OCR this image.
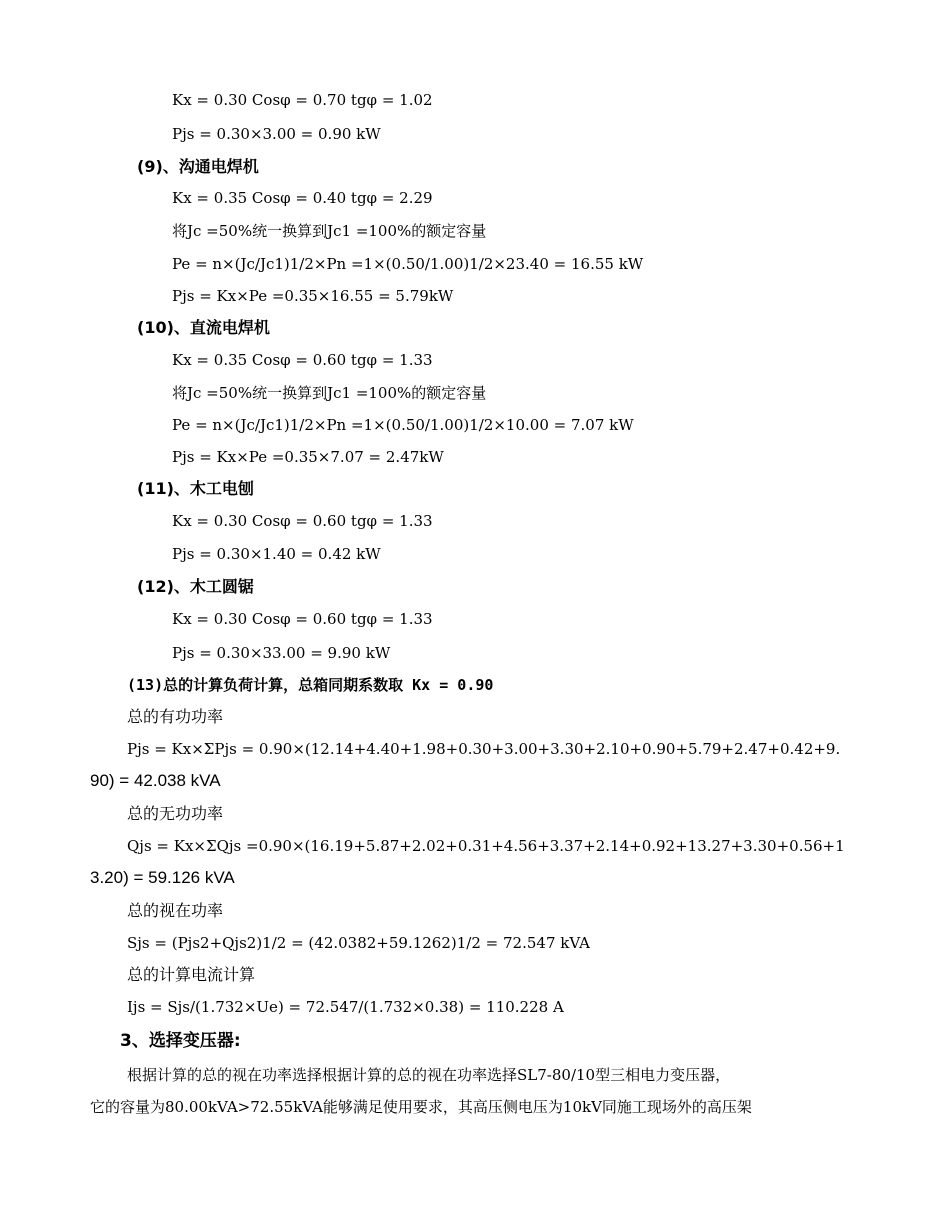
Kx = 0.30 Cosφ = 0.70 tgφ = 1.02
Pjs = 0.30×3.00 = 0.90 kW
(9)、沟通电焊机
Kx = 0.35 Cosφ = 0.40 tgφ = 2.29
将Jc =50%统一换算到Jc1 =100%的额定容量
Pe = n×(Jc/Jc1)1/2×Pn =1×(0.50/1.00)1/2×23.40 = 16.55 kW
Pjs = Kx×Pe =0.35×16.55 = 5.79kW
(10)、直流电焊机
Kx = 0.35 Cosφ = 0.60 tgφ = 1.33
将Jc =50%统一换算到Jc1 =100%的额定容量
Pe = n×(Jc/Jc1)1/2×Pn =1×(0.50/1.00)1/2×10.00 = 7.07 kW
Pjs = Kx×Pe =0.35×7.07 = 2.47kW
(11)、木工电刨
Kx = 0.30 Cosφ = 0.60 tgφ = 1.33
Pjs = 0.30×1.40 = 0.42 kW
(12)、木工圆锯
Kx = 0.30 Cosφ = 0.60 tgφ = 1.33
Pjs = 0.30×33.00 = 9.90 kW
(13)总的计算负荷计算，总箱同期系数取 Kx = 0.90
总的有功功率
Pjs = Kx×ΣPjs = 0.90×(12.14+4.40+1.98+0.30+3.00+3.30+2.10+0.90+5.79+2.47+0.42+9.
90) = 42.038 kVA
总的无功功率
Qjs = Kx×ΣQjs =0.90×(16.19+5.87+2.02+0.31+4.56+3.37+2.14+0.92+13.27+3.30+0.56+1
3.20) = 59.126 kVA
总的视在功率
Sjs = (Pjs2+Qjs2)1/2 = (42.0382+59.1262)1/2 = 72.547 kVA
总的计算电流计算
Ijs = Sjs/(1.732×Ue) = 72.547/(1.732×0.38) = 110.228 A
3、选择变压器:
根据计算的总的视在功率选择根据计算的总的视在功率选择SL7-80/10型三相电力变压器，
它的容量为80.00kVA>72.55kVA能够满足使用要求，其高压侧电压为10kV同施工现场外的高压架
